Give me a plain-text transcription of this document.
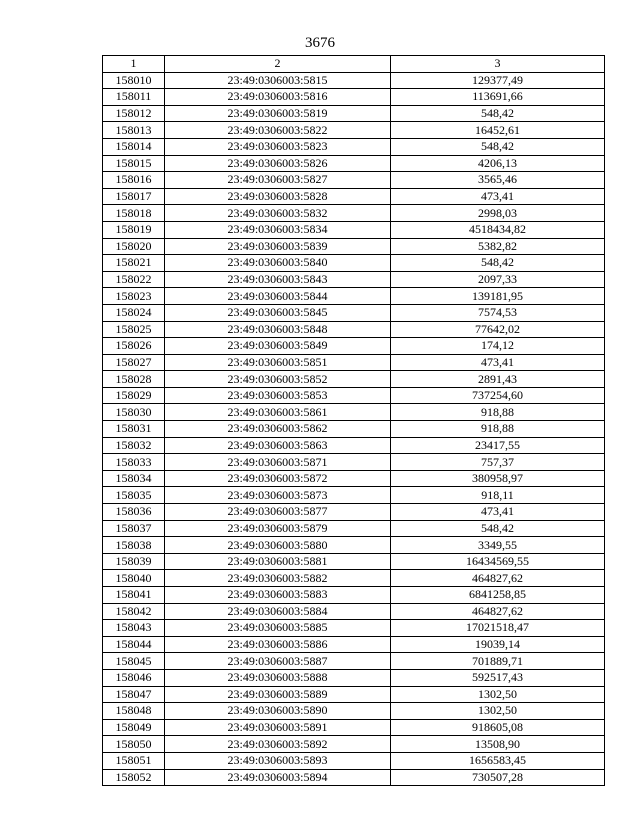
3676
1	2	3
158010	23:49:0306003:5815	129377,49
158011	23:49:0306003:5816	113691,66
158012	23:49:0306003:5819	548,42
158013	23:49:0306003:5822	16452,61
158014	23:49:0306003:5823	548,42
158015	23:49:0306003:5826	4206,13
158016	23:49:0306003:5827	3565,46
158017	23:49:0306003:5828	473,41
158018	23:49:0306003:5832	2998,03
158019	23:49:0306003:5834	4518434,82
158020	23:49:0306003:5839	5382,82
158021	23:49:0306003:5840	548,42
158022	23:49:0306003:5843	2097,33
158023	23:49:0306003:5844	139181,95
158024	23:49:0306003:5845	7574,53
158025	23:49:0306003:5848	77642,02
158026	23:49:0306003:5849	174,12
158027	23:49:0306003:5851	473,41
158028	23:49:0306003:5852	2891,43
158029	23:49:0306003:5853	737254,60
158030	23:49:0306003:5861	918,88
158031	23:49:0306003:5862	918,88
158032	23:49:0306003:5863	23417,55
158033	23:49:0306003:5871	757,37
158034	23:49:0306003:5872	380958,97
158035	23:49:0306003:5873	918,11
158036	23:49:0306003:5877	473,41
158037	23:49:0306003:5879	548,42
158038	23:49:0306003:5880	3349,55
158039	23:49:0306003:5881	16434569,55
158040	23:49:0306003:5882	464827,62
158041	23:49:0306003:5883	6841258,85
158042	23:49:0306003:5884	464827,62
158043	23:49:0306003:5885	17021518,47
158044	23:49:0306003:5886	19039,14
158045	23:49:0306003:5887	701889,71
158046	23:49:0306003:5888	592517,43
158047	23:49:0306003:5889	1302,50
158048	23:49:0306003:5890	1302,50
158049	23:49:0306003:5891	918605,08
158050	23:49:0306003:5892	13508,90
158051	23:49:0306003:5893	1656583,45
158052	23:49:0306003:5894	730507,28
